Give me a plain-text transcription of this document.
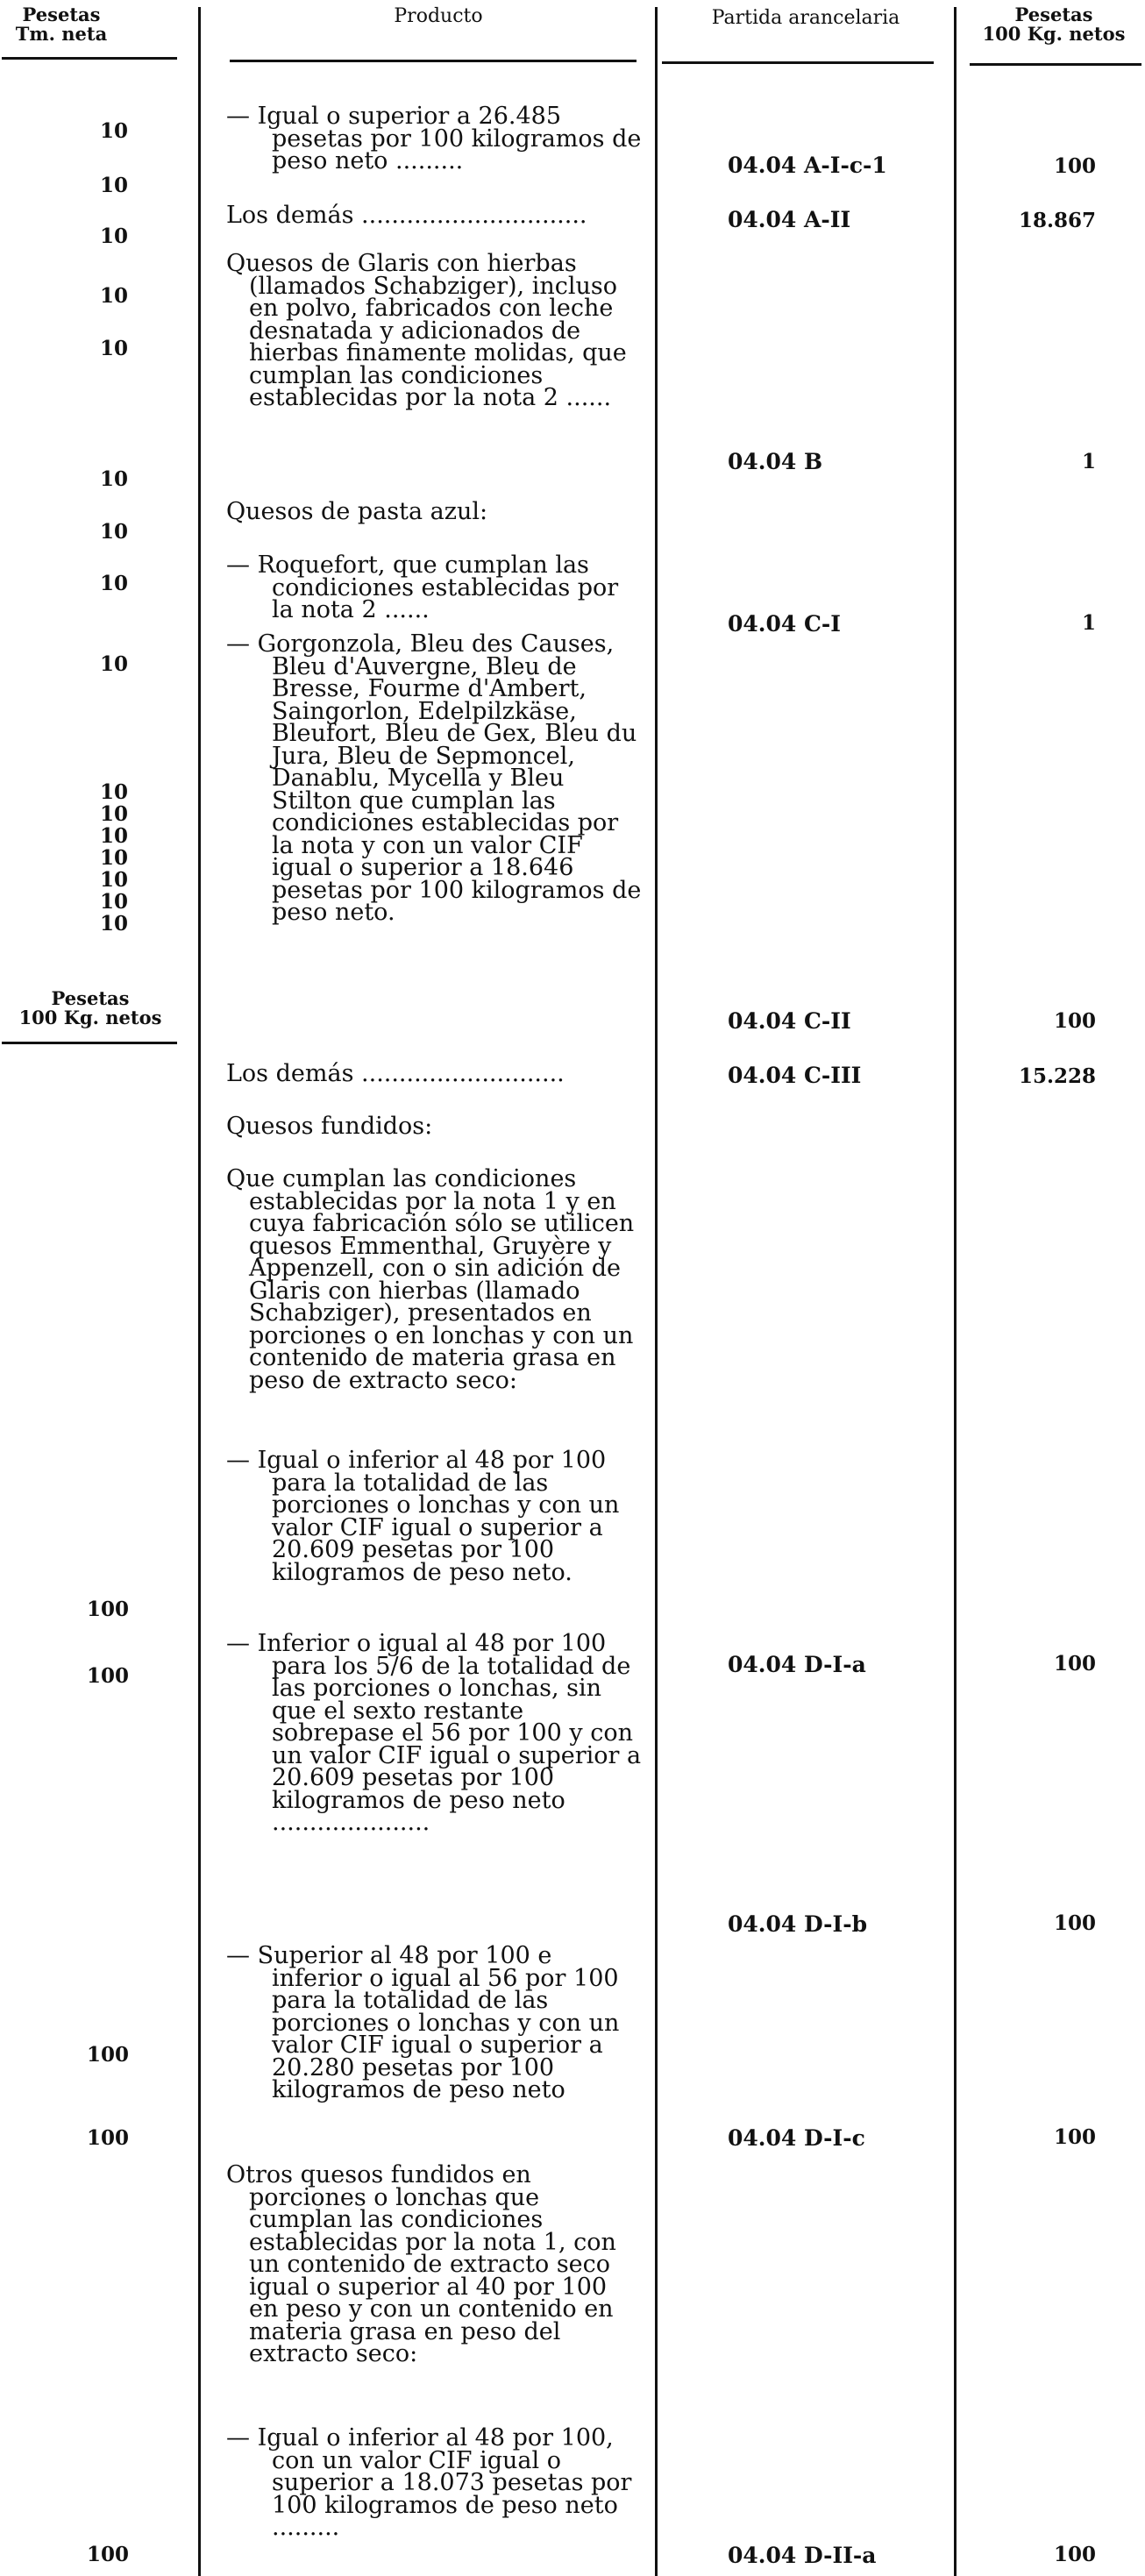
Pesetas
Tm. neta
Producto	Partida arancelaria	Pesetas
100 Kg. netos
10
10
10
10
10
10
10
10
10
10
10
10
10
10
10
10
Pesetas
100 Kg. netos
100
100
100
100
100

— Igual o superior a 26.485 pesetas por 100 kilogramos de peso neto .........

Los demás ..............................

Quesos de Glaris con hierbas (llamados Schabziger), incluso en polvo, fabricados con leche desnatada y adicionados de hierbas finamente molidas, que cumplan las condiciones establecidas por la nota 2 ......

Quesos de pasta azul:

— Roquefort, que cumplan las condiciones establecidas por la nota 2 ......

— Gorgonzola, Bleu des Causes, Bleu d'Auvergne, Bleu de Bresse, Fourme d'Ambert, Saingorlon, Edelpilzkäse, Bleufort, Bleu de Gex, Bleu du Jura, Bleu de Sepmoncel, Danablu, Mycella y Bleu Stilton que cumplan las condiciones establecidas por la nota y con un valor CIF igual o superior a 18.646 pesetas por 100 kilogramos de peso neto.

Los demás ...........................

Quesos fundidos:

Que cumplan las condiciones establecidas por la nota 1 y en cuya fabricación sólo se utilicen quesos Emmenthal, Gruyère y Appenzell, con o sin adición de Glaris con hierbas (llamado Schabziger), presentados en porciones o en lonchas y con un contenido de materia grasa en peso de extracto seco:

— Igual o inferior al 48 por 100 para la totalidad de las porciones o lonchas y con un valor CIF igual o superior a 20.609 pesetas por 100 kilogramos de peso neto.

— Inferior o igual al 48 por 100 para los 5/6 de la totalidad de las porciones o lonchas, sin que el sexto restante sobrepase el 56 por 100 y con un valor CIF igual o superior a 20.609 pesetas por 100 kilogramos de peso neto .....................

— Superior al 48 por 100 e inferior o igual al 56 por 100 para la totalidad de las porciones o lonchas y con un valor CIF igual o superior a 20.280 pesetas por 100 kilogramos de peso neto

Otros quesos fundidos en porciones o lonchas que cumplan las condiciones establecidas por la nota 1, con un contenido de extracto seco igual o superior al 40 por 100 en peso y con un contenido en materia grasa en peso del extracto seco:

— Igual o inferior al 48 por 100, con un valor CIF igual o superior a 18.073 pesetas por 100 kilogramos de peso neto .........

04.04 A-I-c-1
04.04 A-II
04.04 B
04.04 C-I
04.04 C-II
04.04 C-III
04.04 D-I-a
04.04 D-I-b
04.04 D-I-c
04.04 D-II-a
100
18.867
1
1
100
15.228
100
100
100
100
